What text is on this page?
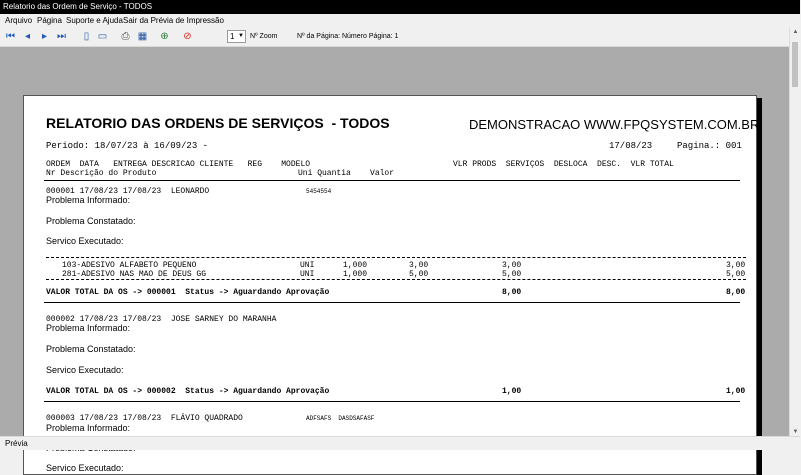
Relatorio das Ordem de Serviço - TODOS
Arquivo Página Suporte e Ajuda Sair da Prévia de Impressão
⏮ ◂	▸ ⏭	▯ ▭ ⎙ ▦ ⊕ ⊘	1 ▼ Nº Zoom	Nº da Página: Número Página: 1
RELATORIO DAS ORDENS DE SERVIÇOS  - TODOS	DEMONSTRACAO WWW.FPQSYSTEM.COM.BR
Periodo: 18/07/23 à 16/09/23 -	17/08/23	Pagina.: 001
ORDEM  DATA   ENTREGA DESCRICAO CLIENTE   REG    MODELO	VLR PRODS  SERVIÇOS  DESLOCA  DESC.  VLR TOTAL
Nr Descrição do Produto	Uni Quantia    Valor
000001 17/08/23 17/08/23  LEONARDO	5454554
Problema Informado:
Problema Constatado:
Servico Executado:
103-ADESIVO ALFABETO PEQUENO	UNI	1,000	3,00	3,00	3,00
281-ADESIVO NAS MAO DE DEUS GG	UNI	1,000	5,00	5,00	5,00
VALOR TOTAL DA OS -> 000001  Status -> Aguardando Aprovação	8,00	8,00
000002 17/08/23 17/08/23  JOSE SARNEY DO MARANHA
Problema Informado:
Problema Constatado:
Servico Executado:
VALOR TOTAL DA OS -> 000002  Status -> Aguardando Aprovação	1,00	1,00
000003 17/08/23 17/08/23  FLÁVIO QUADRADO	ADFSAFS  DASDSAFASF
Problema Informado:
Servico Executado:
▲
▼
Prévia
